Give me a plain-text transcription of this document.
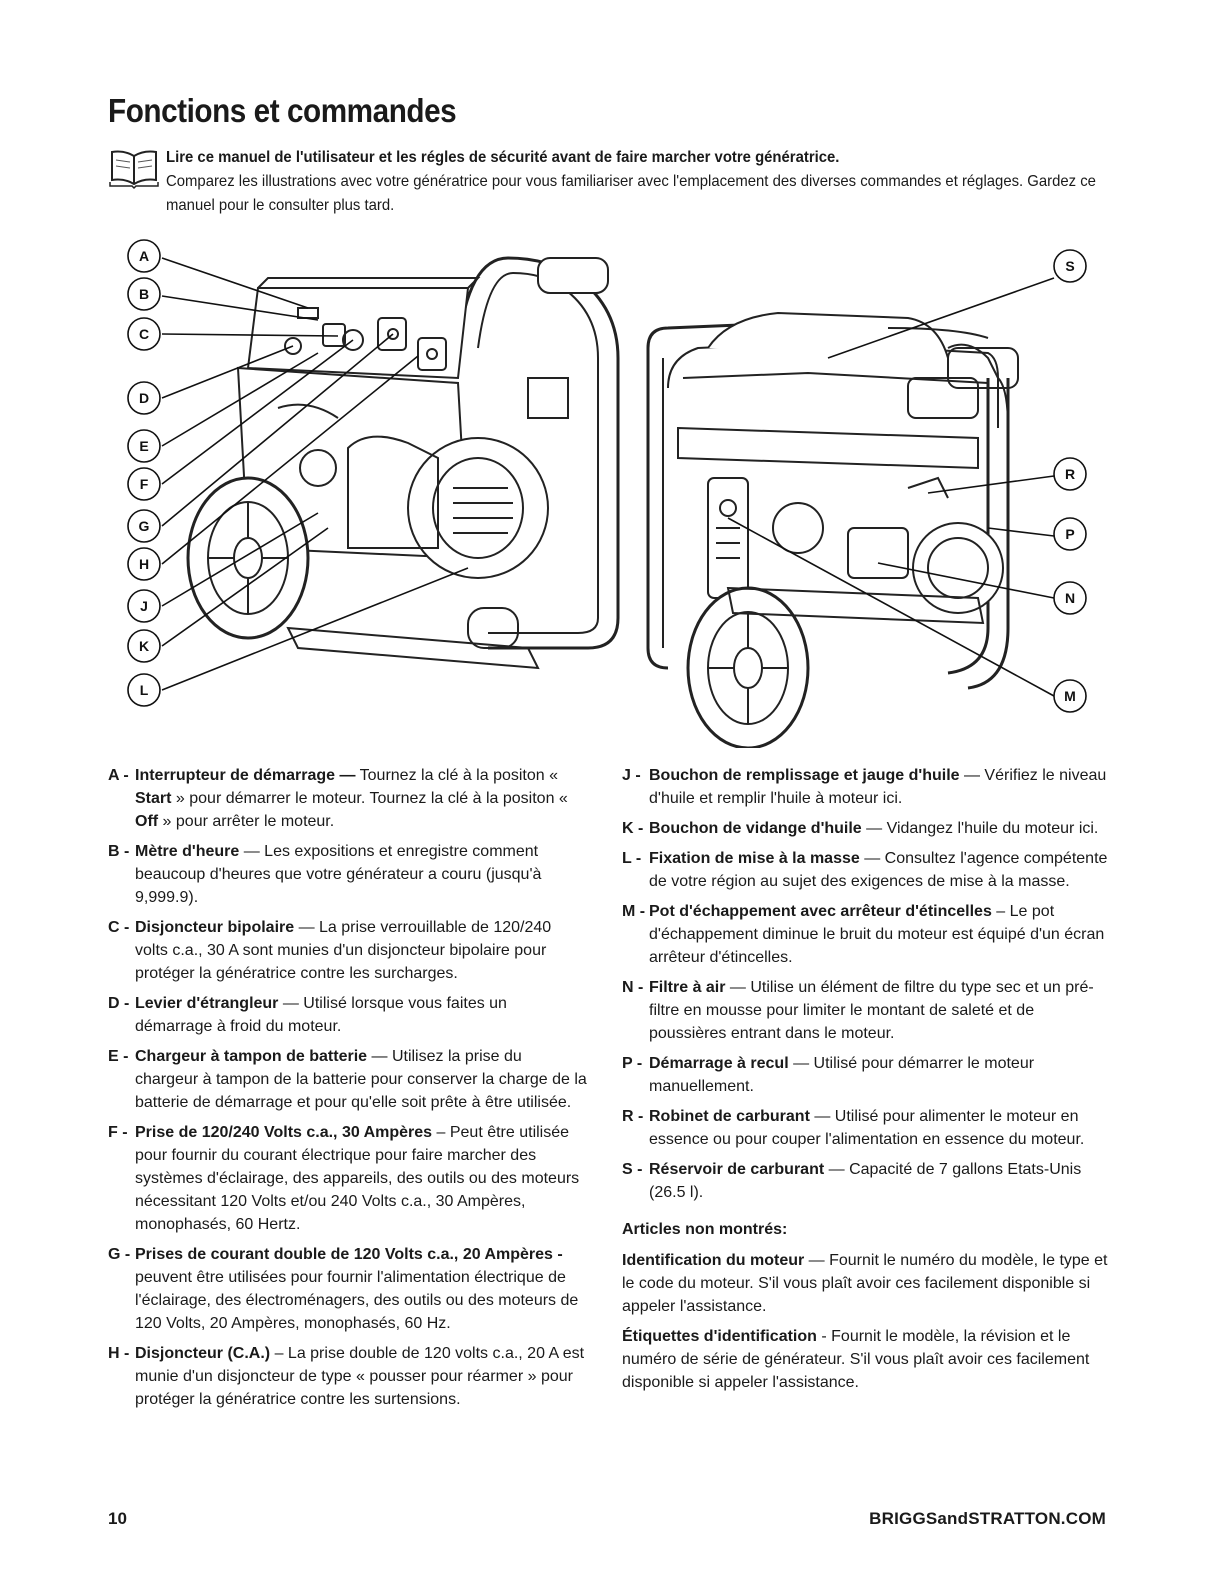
Fonctions et commandes
Lire ce manuel de l'utilisateur et les régles de sécurité avant de faire marcher votre génératrice.
Comparez les illustrations avec votre génératrice pour vous familiariser avec l'emplacement des diverses commandes et réglages. Gardez ce manuel pour le consulter plus tard.
A
B
C
D
E
F
G
H
J
K
L
S
R
P
N
M
A - Interrupteur de démarrage — Tournez la clé à la positon « Start » pour démarrer le moteur. Tournez la clé à la positon « Off » pour arrêter le moteur.
B - Mètre d'heure — Les expositions et enregistre comment beaucoup d'heures que votre générateur a couru (jusqu'à 9,999.9).
C - Disjoncteur bipolaire — La prise verrouillable de 120/240 volts c.a., 30 A sont munies d'un disjoncteur bipolaire pour protéger la génératrice contre les surcharges.
D - Levier d'étrangleur — Utilisé lorsque vous faites un démarrage à froid du moteur.
E - Chargeur à tampon de batterie — Utilisez la prise du chargeur à tampon de la batterie pour conserver la charge de la batterie de démarrage et pour qu'elle soit prête à être utilisée.
F - Prise de 120/240 Volts c.a., 30 Ampères – Peut être utilisée pour fournir du courant électrique pour faire marcher des systèmes d'éclairage, des appareils, des outils ou des moteurs nécessitant 120 Volts et/ou 240 Volts c.a., 30 Ampères, monophasés, 60 Hertz.
G - Prises de courant double de 120 Volts c.a., 20 Ampères - peuvent être utilisées pour fournir l'alimentation électrique de l'éclairage, des électroménagers, des outils ou des moteurs de 120 Volts, 20 Ampères, monophasés, 60 Hz.
H - Disjoncteur (C.A.) – La prise double de 120 volts c.a., 20 A est munie d'un disjoncteur de type « pousser pour réarmer » pour protéger la génératrice contre les surtensions.
J - Bouchon de remplissage et jauge d'huile — Vérifiez le niveau d'huile et remplir l'huile à moteur ici.
K - Bouchon de vidange d'huile — Vidangez l'huile du moteur ici.
L - Fixation de mise à la masse — Consultez l'agence compétente de votre région au sujet des exigences de mise à la masse.
M - Pot d'échappement avec arrêteur d'étincelles – Le pot d'échappement diminue le bruit du moteur est équipé d'un écran arrêteur d'étincelles.
N - Filtre à air — Utilise un élément de filtre du type sec et un pré-filtre en mousse pour limiter le montant de saleté et de poussières entrant dans le moteur.
P - Démarrage à recul — Utilisé pour démarrer le moteur manuellement.
R - Robinet de carburant — Utilisé pour alimenter le moteur en essence ou pour couper l'alimentation en essence du moteur.
S - Réservoir de carburant — Capacité de 7 gallons Etats-Unis (26.5 l).
Articles non montrés:
Identification du moteur — Fournit le numéro du modèle, le type et le code du moteur. S'il vous plaît avoir ces facilement disponible si appeler l'assistance.
Étiquettes d'identification - Fournit le modèle, la révision et le numéro de série de générateur. S'il vous plaît avoir ces facilement disponible si appeler l'assistance.
10	BRIGGSandSTRATTON.COM
